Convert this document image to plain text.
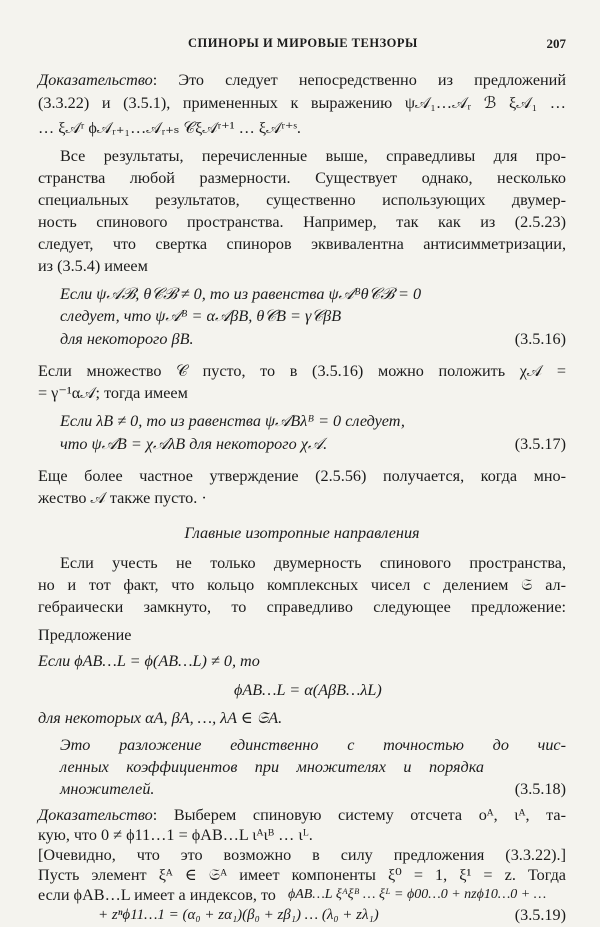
СПИНОРЫ И МИРОВЫЕ ТЕНЗОРЫ	207
Доказательство: Это следует непосредственно из предложений
(3.3.22) и (3.5.1), примененных к выражению ψ𝒜₁…𝒜ᵣ ℬ ξ𝒜₁ …
… ξ𝒜ʳ ϕ𝒜ᵣ₊₁…𝒜ᵣ₊ₛ 𝒞ξ𝒜ʳ⁺¹ … ξ𝒜ʳ⁺ˢ.
Все результаты, перечисленные выше, справедливы для про-
странства любой размерности. Существует однако, несколько
специальных результатов, существенно использующих двумер-
ность спинового пространства. Например, так как из (2.5.23)
следует, что свертка спиноров эквивалентна антисимметризации,
из (3.5.4) имеем
Если ψ𝒜ℬ, θ𝒞ℬ ≠ 0, то из равенства ψ𝒜ᴮθ𝒞ℬ = 0
следует, что ψ𝒜ᴮ = α𝒜βB, θ𝒞B = γ𝒞βB
для некоторого βB.	(3.5.16)
Если множество 𝒞 пусто, то в (3.5.16) можно положить χ𝒜 =
= γ⁻¹α𝒜; тогда имеем
Если λB ≠ 0, то из равенства ψ𝒜Bλᴮ = 0 следует,
что ψ𝒜B = χ𝒜λB для некоторого χ𝒜.	(3.5.17)
Еще более частное утверждение (2.5.56) получается, когда мно-
жество 𝒜 также пусто. ·
Главные изотропные направления
Если учесть не только двумерность спинового пространства,
но и тот факт, что кольцо комплексных чисел с делением 𝔖 ал-
гебраически замкнуто, то справедливо следующее предложение:
Предложение
Если ϕAB…L = ϕ(AB…L) ≠ 0, то
ϕAB…L = α(AβB…λL)
для некоторых αA, βA, …, λA ∈ 𝔖A.
Это разложение единственно с точностью до чис-
ленных коэффициентов при множителях и порядка
множителей.	(3.5.18)
Доказательство: Выберем спиновую систему отсчета oᴬ, ιᴬ, та-
кую, что 0 ≠ ϕ11…1 = ϕAB…L ιᴬιᴮ … ιᴸ.
[Очевидно, что это возможно в силу предложения (3.3.22).]
Пусть элемент ξᴬ ∈ 𝔖ᴬ имеет компоненты ξ⁰ = 1, ξ¹ = z. Тогда
если ϕAB…L имеет a индексов, то
+ zⁿϕ11…1 = (α₀ + zα₁)(β₀ + zβ₁) … (λ₀ + zλ₁)	(3.5.19)
ϕAB…L ξᴬξᴮ … ξᴸ = ϕ00…0 + nzϕ10…0 + …
